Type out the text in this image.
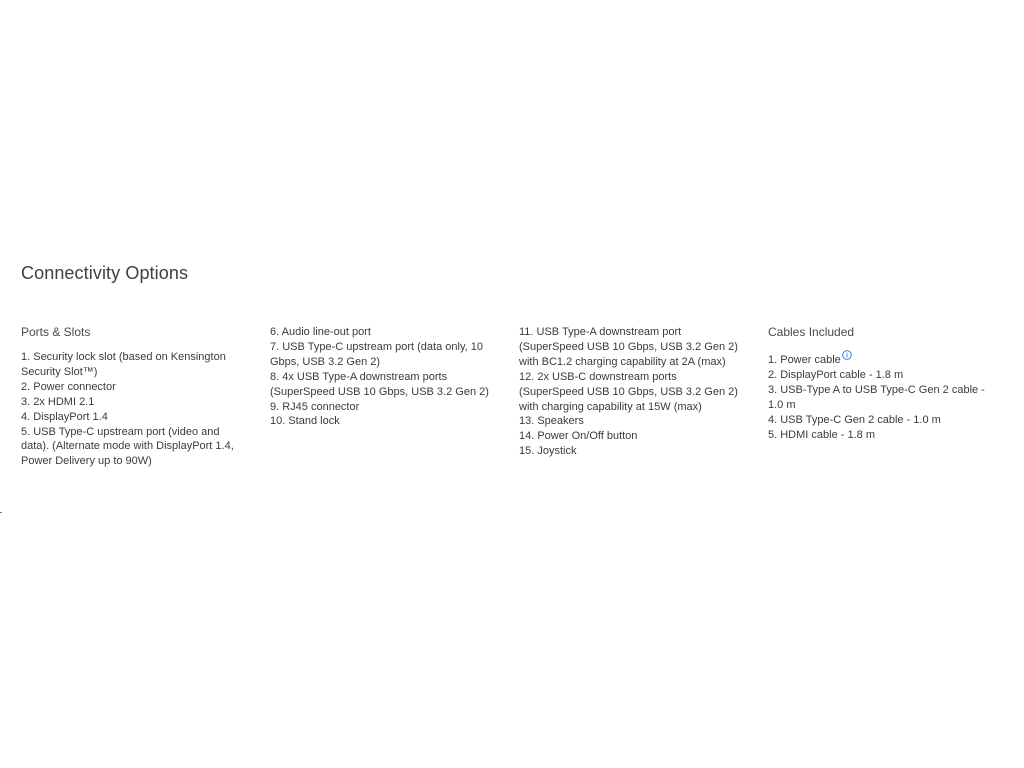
Connectivity Options
Ports & Slots
1. Security lock slot (based on Kensington Security Slot™)
2. Power connector
3. 2x HDMI 2.1
4. DisplayPort 1.4
5. USB Type-C upstream port (video and data). (Alternate mode with DisplayPort 1.4, Power Delivery up to 90W)
6. Audio line-out port
7. USB Type-C upstream port (data only, 10 Gbps, USB 3.2 Gen 2)
8. 4x USB Type-A downstream ports (SuperSpeed USB 10 Gbps, USB 3.2 Gen 2)
9. RJ45 connector
10. Stand lock
11. USB Type-A downstream port (SuperSpeed USB 10 Gbps, USB 3.2 Gen 2) with BC1.2 charging capability at 2A (max)
12. 2x USB-C downstream ports (SuperSpeed USB 10 Gbps, USB 3.2 Gen 2) with charging capability at 15W (max)
13. Speakers
14. Power On/Off button
15. Joystick
Cables Included
1. Power cable
2. DisplayPort cable - 1.8 m
3. USB-Type A to USB Type-C Gen 2 cable - 1.0 m
4. USB Type-C Gen 2 cable - 1.0 m
5. HDMI cable - 1.8 m
